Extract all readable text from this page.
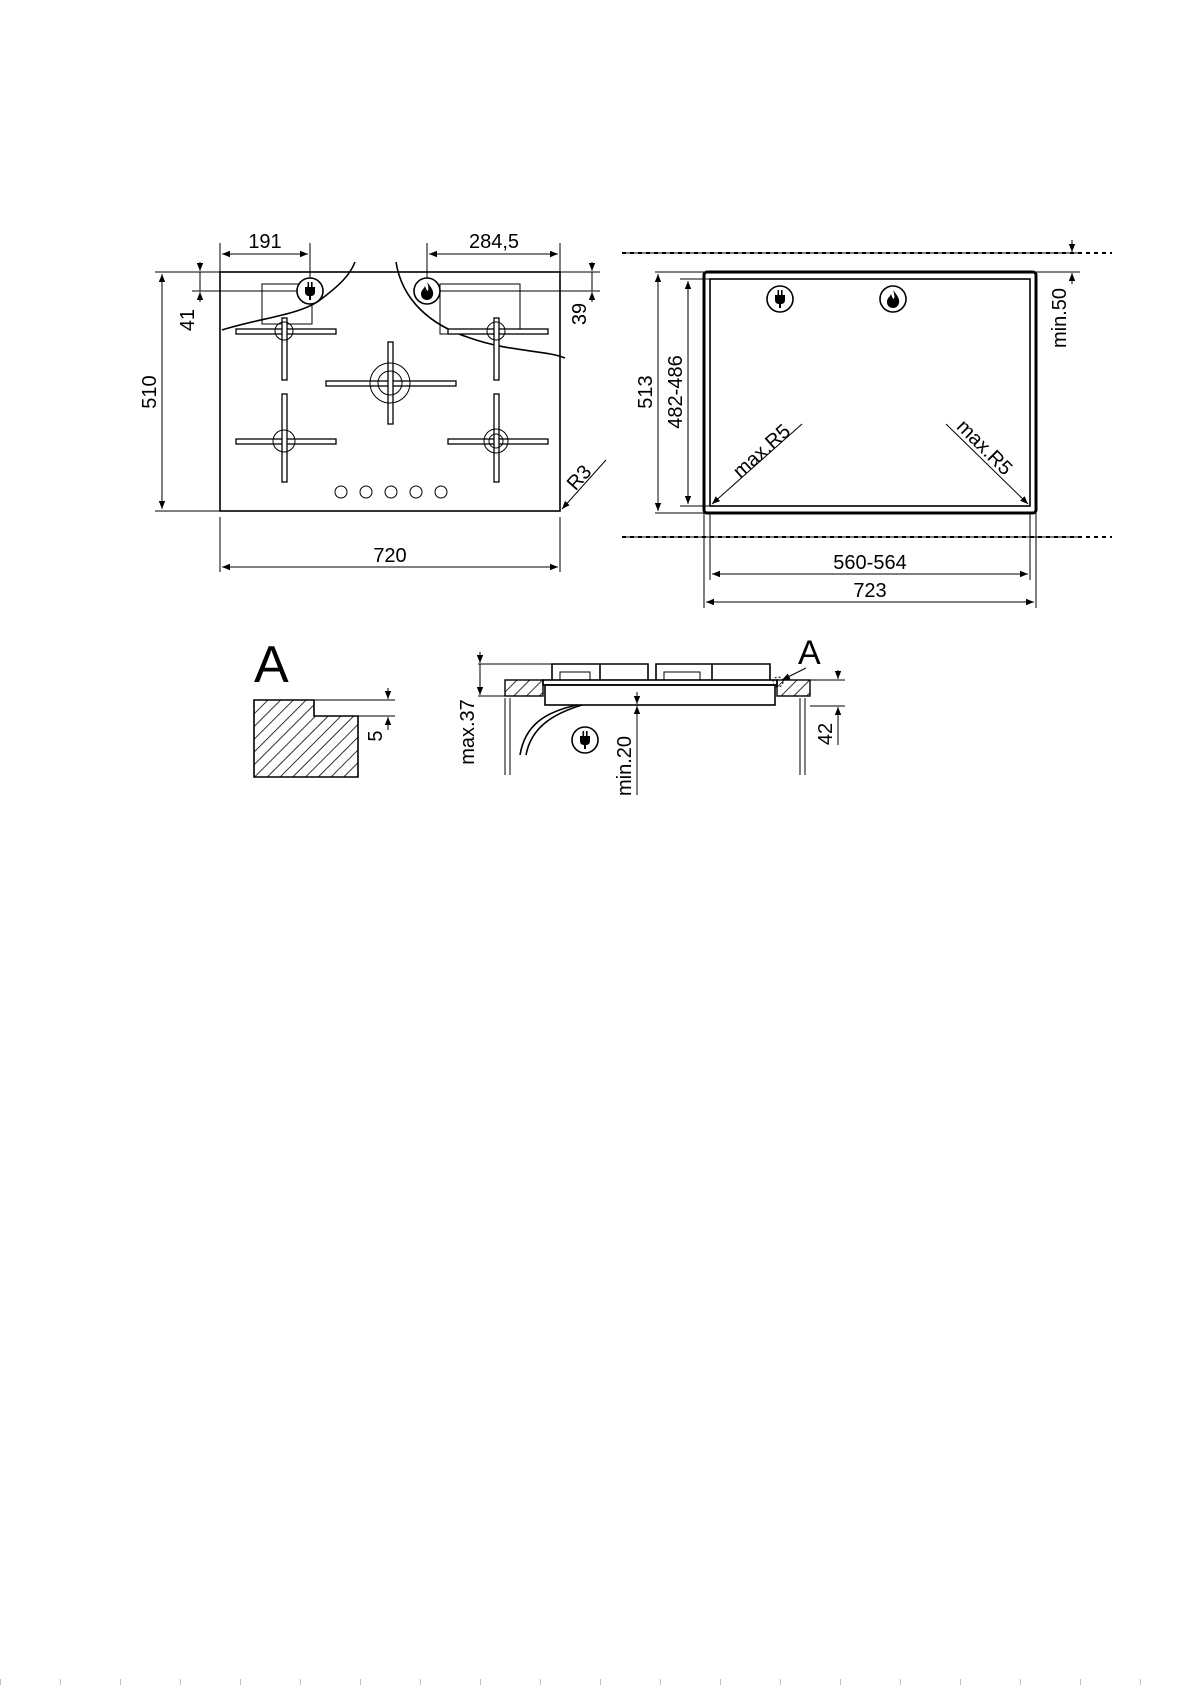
191	284,5
41	39
510
720
R3
min.50
513 482-486
max.R5	max.R5
560-564
723
A
5	max.37
min.20
A
42
